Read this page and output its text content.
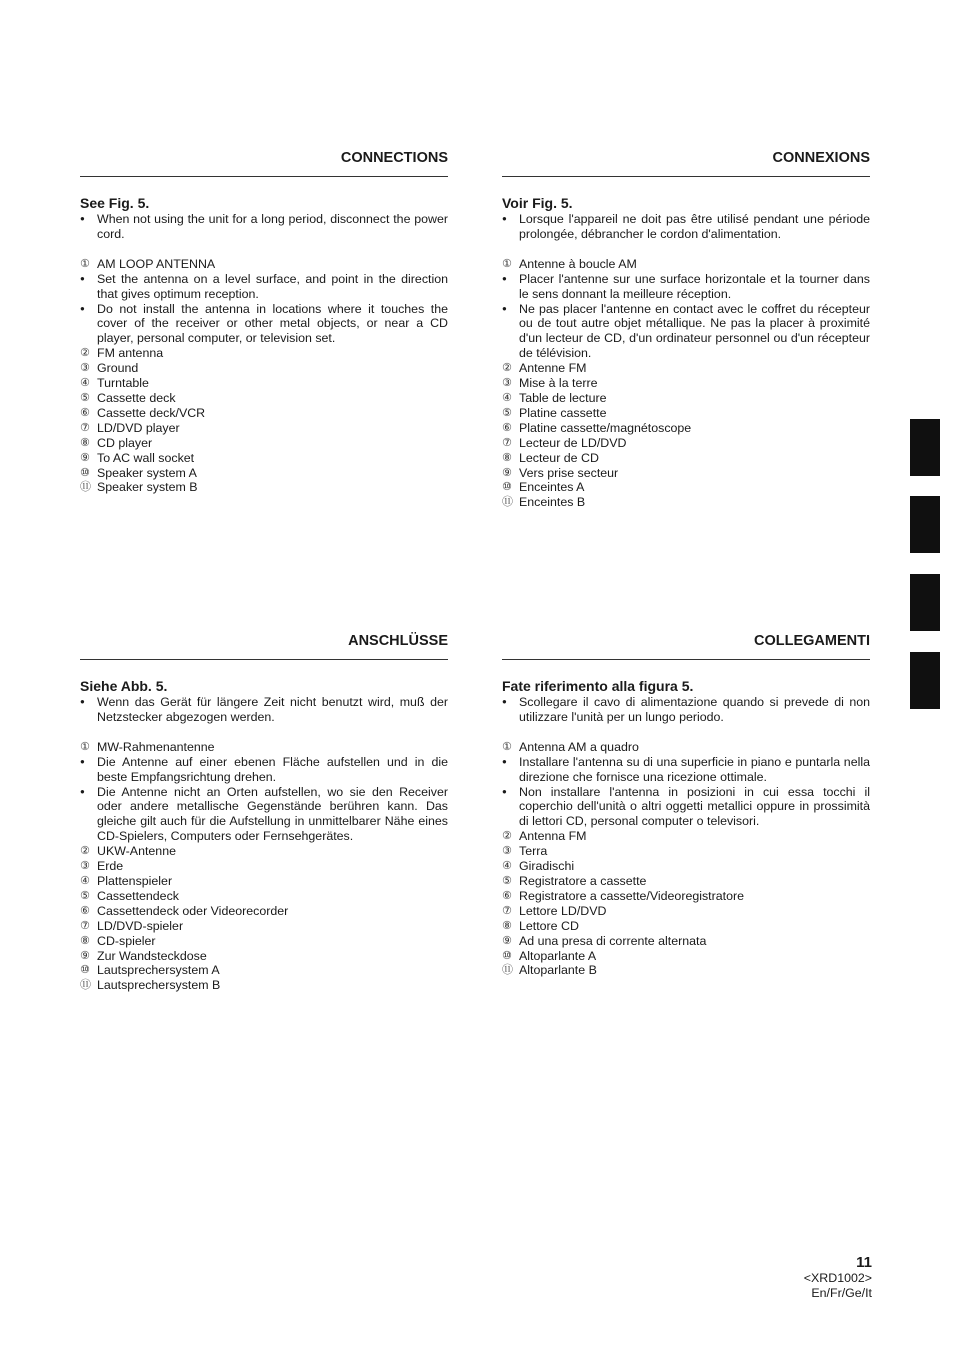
CONNECTIONS
See Fig. 5.
● When not using the unit for a long period, disconnect the power cord.
① AM LOOP ANTENNA
● Set the antenna on a level surface, and point in the direction that gives optimum reception.
● Do not install the antenna in locations where it touches the cover of the receiver or other metal objects, or near a CD player, personal computer, or television set.
② FM antenna
③ Ground
④ Turntable
⑤ Cassette deck
⑥ Cassette deck/VCR
⑦ LD/DVD player
⑧ CD player
⑨ To AC wall socket
⑩ Speaker system A
⑪ Speaker system B
CONNEXIONS
Voir Fig. 5.
● Lorsque l'appareil ne doit pas être utilisé pendant une période prolongée, débrancher le cordon d'alimentation.
① Antenne à boucle AM
● Placer l'antenne sur une surface horizontale et la tourner dans le sens donnant la meilleure réception.
● Ne pas placer l'antenne en contact avec le coffret du récepteur ou de tout autre objet métallique. Ne pas la placer à proximité d'un lecteur de CD, d'un ordinateur personnel ou d'un récepteur de télévision.
② Antenne FM
③ Mise à la terre
④ Table de lecture
⑤ Platine cassette
⑥ Platine cassette/magnétoscope
⑦ Lecteur de LD/DVD
⑧ Lecteur de CD
⑨ Vers prise secteur
⑩ Enceintes A
⑪ Enceintes B
ANSCHLÜSSE
Siehe Abb. 5.
● Wenn das Gerät für längere Zeit nicht benutzt wird, muß der Netzstecker abgezogen werden.
① MW-Rahmenantenne
● Die Antenne auf einer ebenen Fläche aufstellen und in die beste Empfangsrichtung drehen.
● Die Antenne nicht an Orten aufstellen, wo sie den Receiver oder andere metallische Gegenstände berühren kann. Das gleiche gilt auch für die Aufstellung in unmittelbarer Nähe eines CD-Spielers, Computers oder Fernsehgerätes.
② UKW-Antenne
③ Erde
④ Plattenspieler
⑤ Cassettendeck
⑥ Cassettendeck oder Videorecorder
⑦ LD/DVD-spieler
⑧ CD-spieler
⑨ Zur Wandsteckdose
⑩ Lautsprechersystem A
⑪ Lautsprechersystem B
COLLEGAMENTI
Fate riferimento alla figura 5.
● Scollegare il cavo di alimentazione quando si prevede di non utilizzare l'unità per un lungo periodo.
① Antenna AM a quadro
● Installare l'antenna su di una superficie in piano e puntarla nella direzione che fornisce una ricezione ottimale.
● Non installare l'antenna in posizioni in cui essa tocchi il coperchio dell'unità o altri oggetti metallici oppure in prossimità di lettori CD, personal computer o televisori.
② Antenna FM
③ Terra
④ Giradischi
⑤ Registratore a cassette
⑥ Registratore a cassette/Videoregistratore
⑦ Lettore LD/DVD
⑧ Lettore CD
⑨ Ad una presa di corrente alternata
⑩ Altoparlante A
⑪ Altoparlante B
11
<XRD1002>
En/Fr/Ge/It
